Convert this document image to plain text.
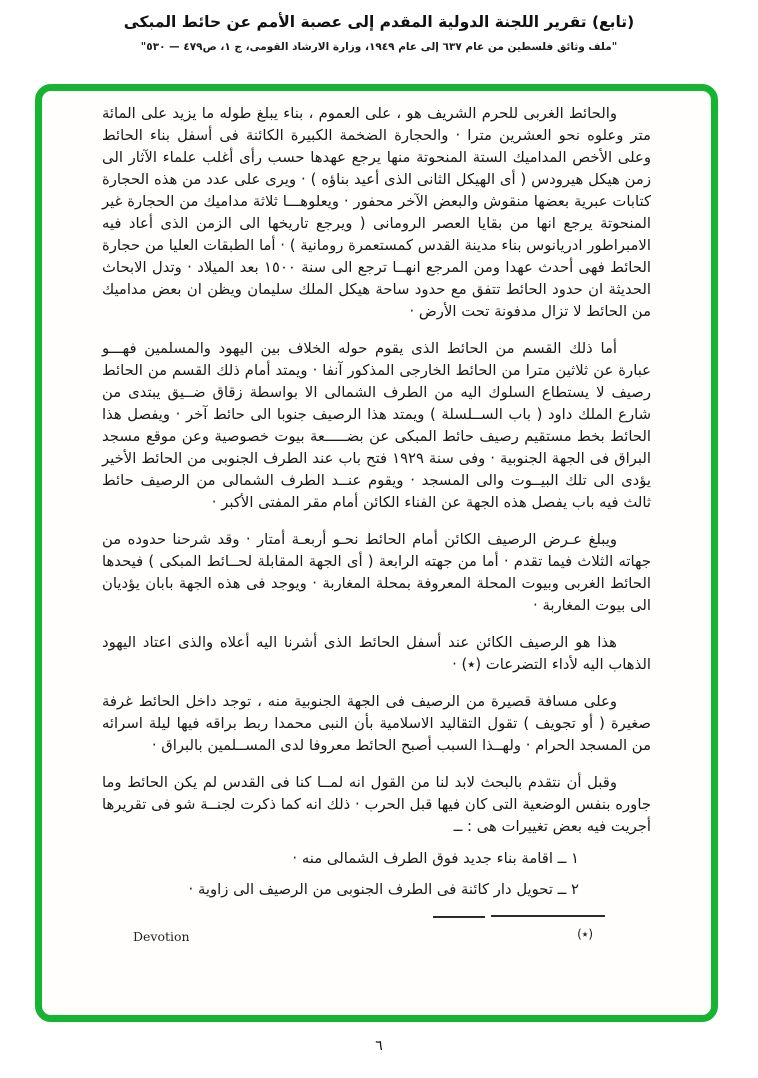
(تابع) تقرير اللجنة الدولية المقدم إلى عصبة الأمم عن حائط المبكى
"ملف وثائق فلسطين من عام ٦٣٧ إلى عام ١٩٤٩، وزارة الارشاد القومى، ج ١، ص٤٧٩ — ٥٣٠"

والحائط الغربى للحرم الشريف هو ، على العموم ، بناء يبلغ طوله ما يزيد على المائة متر وعلوه نحو العشرين مترا · والحجارة الضخمة الكبيرة الكائنة فى أسفل بناء الحائط وعلى الأخص المداميك الستة المنحوتة منها يرجع عهدها حسب رأى أغلب علماء الآثار الى زمن هيكل هيرودس ( أى الهيكل الثانى الذى أعيد بناؤه ) · ويرى على عدد من هذه الحجارة كتابات عبرية بعضها منقوش والبعض الآخر محفور · ويعلوهـــا ثلاثة مداميك من الحجارة غير المنحوتة يرجع انها من بقايا العصر الرومانى ( ويرجع تاريخها الى الزمن الذى أعاد فيه الامبراطور ادريانوس بناء مدينة القدس كمستعمرة رومانية ) · أما الطبقات العليا من حجارة الحائط فهى أحدث عهدا ومن المرجع انهــا ترجع الى سنة ١٥٠٠ بعد الميلاد · وتدل الابحاث الحديثة ان حدود الحائط تتفق مع حدود ساحة هيكل الملك سليمان ويظن ان بعض مداميك من الحائط لا تزال مدفونة تحت الأرض ·

أما ذلك القسم من الحائط الذى يقوم حوله الخلاف بين اليهود والمسلمين فهـــو عبارة عن ثلاثين مترا من الحائط الخارجى المذكور آنفا · ويمتد أمام ذلك القسم من الحائط رصيف لا يستطاع السلوك اليه من الطرف الشمالى الا بواسطة زقاق ضــيق يبتدى من شارع الملك داود ( باب الســلسلة ) ويمتد هذا الرصيف جنوبا الى حائط آخر · ويفصل هذا الحائط بخط مستقيم رصيف حائط المبكى عن بضـــــعة بيوت خصوصية وعن موقع مسجد البراق فى الجهة الجنوبية · وفى سنة ١٩٢٩ فتح باب عند الطرف الجنوبى من الحائط الأخير يؤدى الى تلك البيــوت والى المسجد · ويقوم عنــد الطرف الشمالى من الرصيف حائط ثالث فيه باب يفصل هذه الجهة عن الفناء الكائن أمام مقر المفتى الأكبر ·

ويبلغ عـرض الرصيف الكائن أمام الحائط نحـو أربعـة أمتار · وقد شرحنا حدوده من جهاته الثلاث فيما تقدم · أما من جهته الرابعة ( أى الجهة المقابلة لحــائط المبكى ) فيحدها الحائط الغربى وبيوت المحلة المعروفة بمحلة المغاربة · ويوجد فى هذه الجهة بابان يؤديان الى بيوت المغاربة ·

هذا هو الرصيف الكائن عند أسفل الحائط الذى أشرنا اليه أعلاه والذى اعتاد اليهود الذهاب اليه لأداء التضرعات (٭) ·

وعلى مسافة قصيرة من الرصيف فى الجهة الجنوبية منه ، توجد داخل الحائط غرفة صغيرة ( أو تجويف ) تقول التقاليد الاسلامية بأن النبى محمدا ربط براقه فيها ليلة اسرائه من المسجد الحرام · ولهــذا السبب أصبح الحائط معروفا لدى المســلمين بالبراق ·

وقبل أن نتقدم بالبحث لابد لنا من القول انه لمــا كنا فى القدس لم يكن الحائط وما جاوره بنفس الوضعية التى كان فيها قبل الحرب · ذلك انه كما ذكرت لجنــة شو فى تقريرها أجريت فيه بعض تغييرات هى : ــ

١ ــ اقامة بناء جديد فوق الطرف الشمالى منه ·
٢ ــ تحويل دار كائنة فى الطرف الجنوبى من الرصيف الى زاوية ·
(٭)
Devotion
٦
